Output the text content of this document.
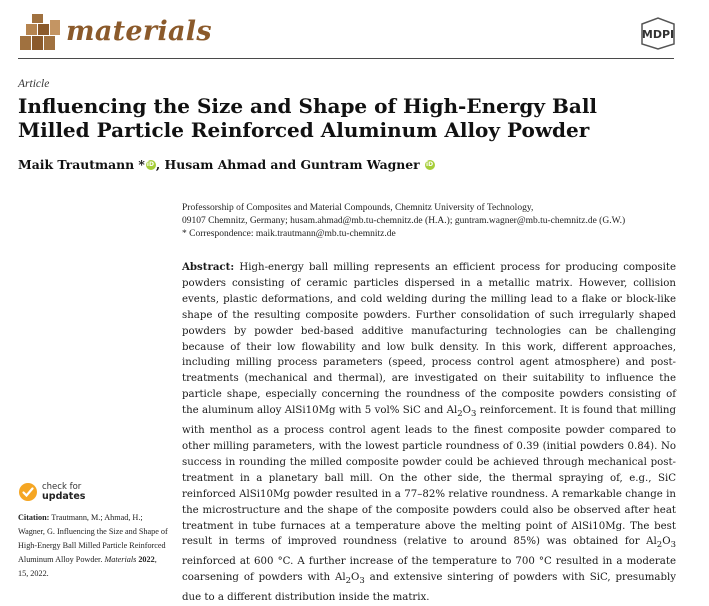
materials	MDPI
Article
Influencing the Size and Shape of High-Energy Ball Milled Particle Reinforced Aluminum Alloy Powder
Maik Trautmann *iD , Husam Ahmad and Guntram Wagner iD
Professorship of Composites and Material Compounds, Chemnitz University of Technology,
09107 Chemnitz, Germany; husam.ahmad@mb.tu-chemnitz.de (H.A.); guntram.wagner@mb.tu-chemnitz.de (G.W.)
* Correspondence: maik.trautmann@mb.tu-chemnitz.de
Abstract: High-energy ball milling represents an efficient process for producing composite powders consisting of ceramic particles dispersed in a metallic matrix. However, collision events, plastic deformations, and cold welding during the milling lead to a flake or block-like shape of the resulting composite powders. Further consolidation of such irregularly shaped powders by powder bed-based additive manufacturing technologies can be challenging because of their low flowability and low bulk density. In this work, different approaches, including milling process parameters (speed, process control agent atmosphere) and post-treatments (mechanical and thermal), are investigated on their suitability to influence the particle shape, especially concerning the roundness of the composite powders consisting of the aluminum alloy AlSi10Mg with 5 vol% SiC and $Al_2O_3$ reinforcement. It is found that milling with menthol as a process control agent leads to the finest composite powder compared to other milling parameters, with the lowest particle roundness of 0.39 (initial powders 0.84). No success in rounding the milled composite powder could be achieved through mechanical post-treatment in a planetary ball mill. On the other side, the thermal spraying of, e.g., SiC reinforced AlSi10Mg powder resulted in a 77–82% relative roundness. A remarkable change in the microstructure and the shape of the composite powders could also be observed after heat treatment in tube furnaces at a temperature above the melting point of AlSi10Mg. The best result in terms of improved roundness (relative to around 85%) was obtained for $Al_2O_3$ reinforced at 600 °C. A further increase of the temperature to 700 °C resulted in a moderate coarsening of powders with $Al_2O_3$ and extensive sintering of powders with SiC, presumably due to a different distribution inside the matrix.
check for
updates
Citation: Trautmann, M.; Ahmad, H.; Wagner, G. Influencing the Size and Shape of High-Energy Ball Milled Particle Reinforced Aluminum Alloy Powder. Materials 2022, 15, 2022.
